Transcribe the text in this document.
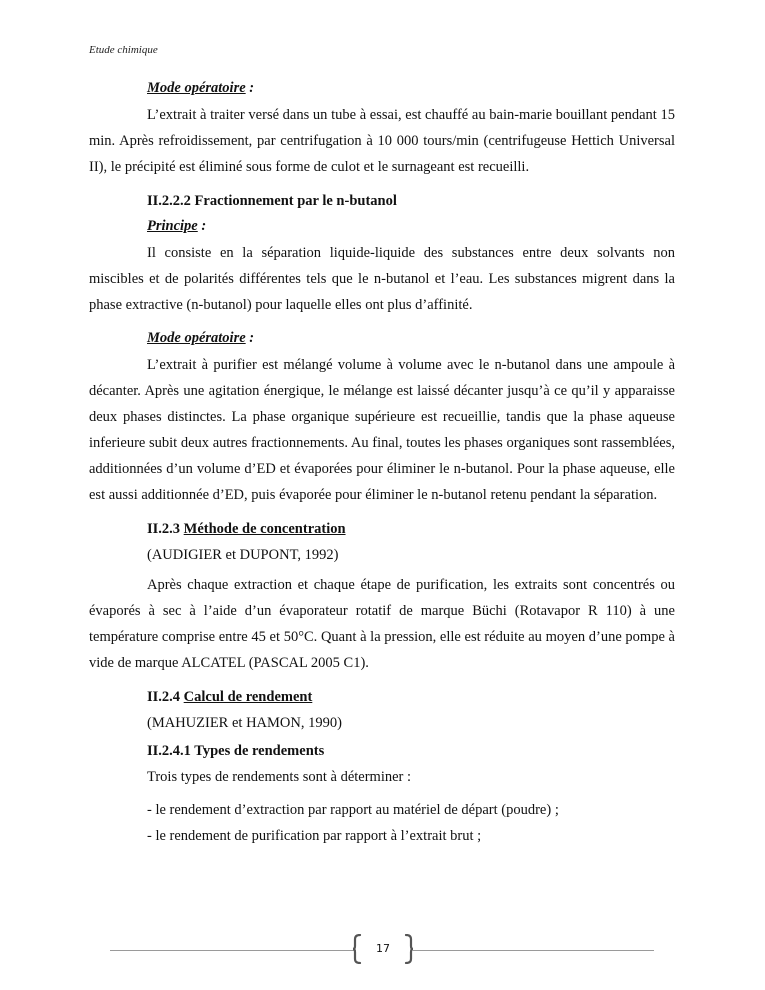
Etude chimique

Mode opératoire :

L’extrait à traiter versé dans un tube à essai, est chauffé au bain-marie bouillant pendant 15 min. Après refroidissement, par centrifugation à 10 000 tours/min (centrifugeuse Hettich Universal II), le précipité est éliminé sous forme de culot et le surnageant est recueilli.

II.2.2.2 Fractionnement par le n-butanol

Principe :

Il consiste en la séparation liquide-liquide des substances entre deux solvants non miscibles et de polarités différentes tels que le n-butanol et l’eau. Les substances migrent dans la phase extractive (n-butanol) pour laquelle elles ont plus d’affinité.

Mode opératoire :

L’extrait à purifier est mélangé volume à volume avec le n-butanol dans une ampoule à décanter. Après une agitation énergique, le mélange est laissé décanter jusqu’à ce qu’il y apparaisse deux phases distinctes. La phase organique supérieure est recueillie, tandis que la phase aqueuse inferieure subit deux autres fractionnements. Au final, toutes les phases organiques sont rassemblées, additionnées d’un volume d’ED et évaporées pour éliminer le n-butanol. Pour la phase aqueuse, elle est aussi additionnée d’ED, puis évaporée pour éliminer le n-butanol retenu pendant la séparation.

II.2.3 Méthode de concentration

(AUDIGIER et DUPONT, 1992)

Après chaque extraction et chaque étape de purification, les extraits sont concentrés ou évaporés à sec à l’aide d’un évaporateur rotatif de marque Büchi (Rotavapor R 110) à une température comprise entre 45 et 50°C. Quant à la pression, elle est réduite au moyen d’une pompe à vide de marque ALCATEL (PASCAL 2005 C1).

II.2.4 Calcul de rendement

(MAHUZIER et HAMON, 1990)

II.2.4.1 Types de rendements

Trois types de rendements sont à déterminer :

- le rendement d’extraction par rapport au matériel de départ (poudre) ;

- le rendement de purification par rapport à l’extrait brut ;

17
